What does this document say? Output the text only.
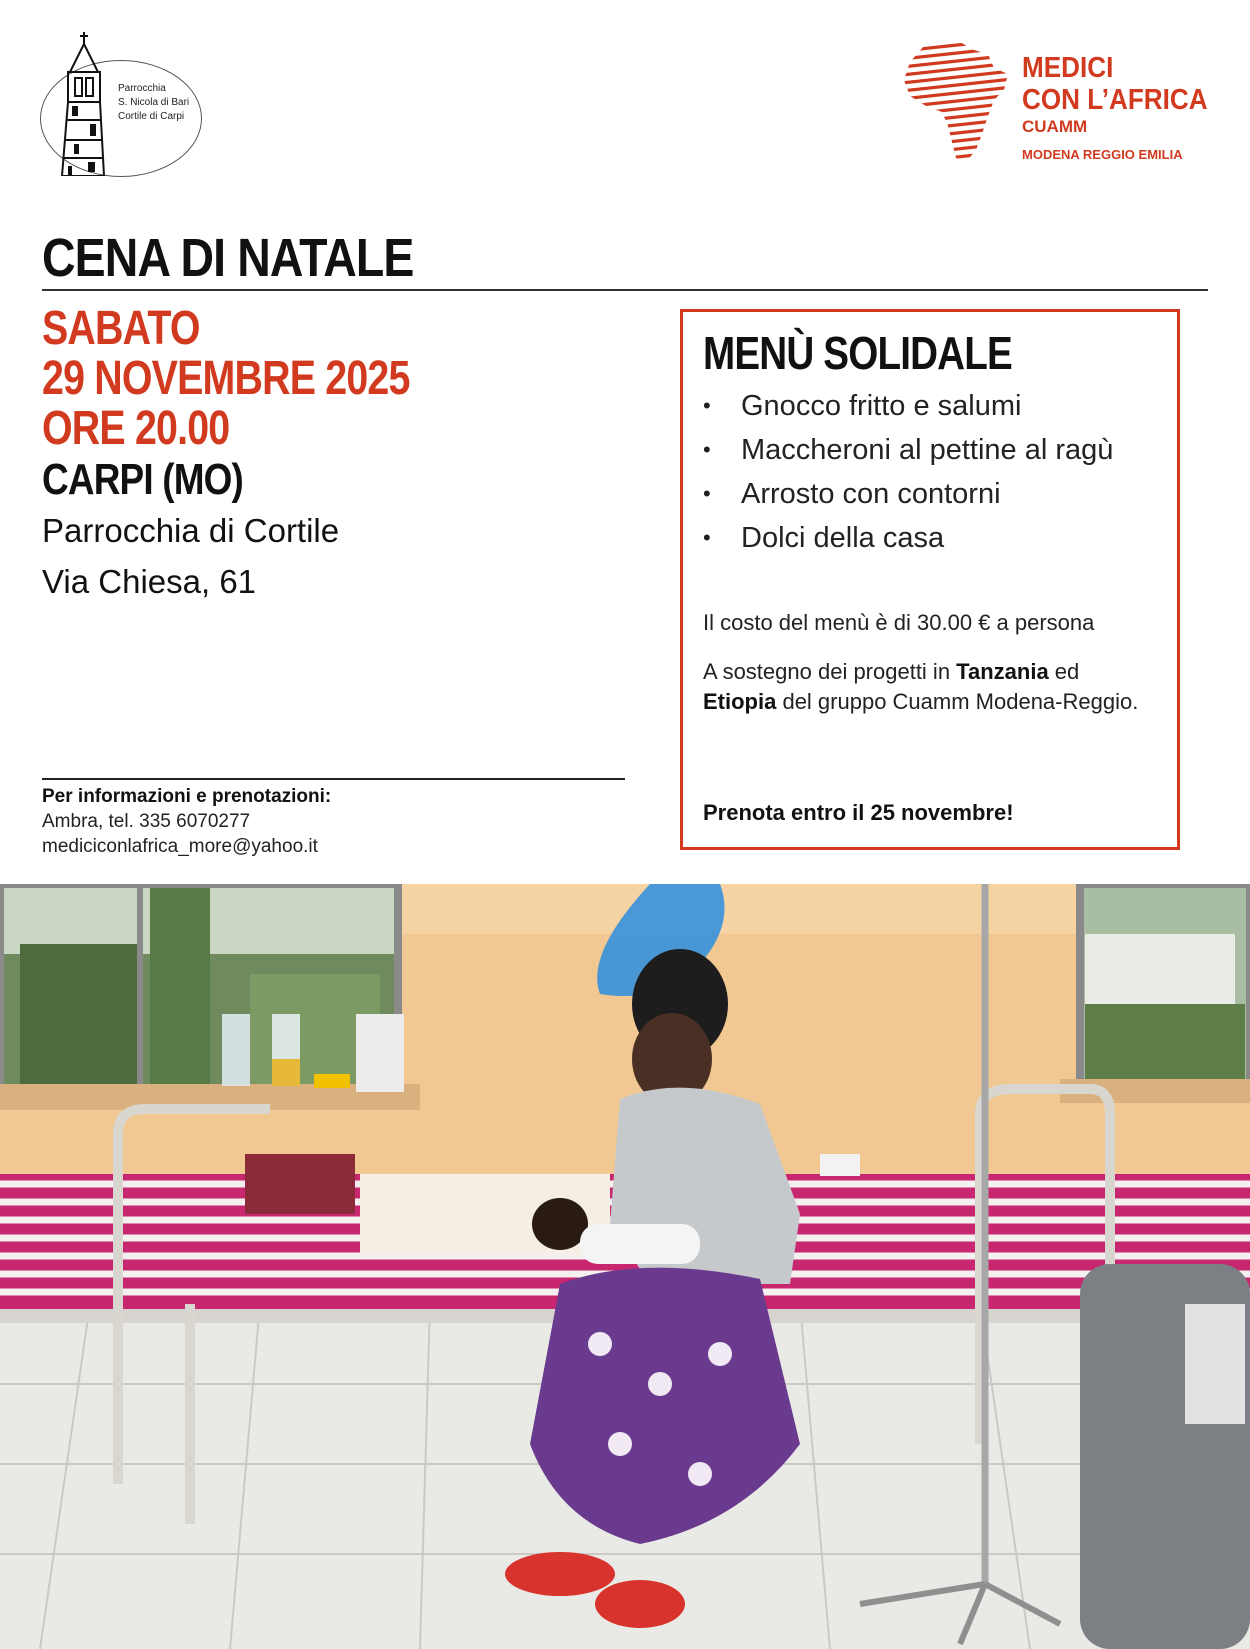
Parrocchia
S. Nicola di Bari
Cortile di Carpi
MEDICI
CON L’AFRICA
CUAMM
MODENA REGGIO EMILIA
CENA DI NATALE
SABATO
29 NOVEMBRE 2025
ORE 20.00
CARPI (MO)
Parrocchia di Cortile
Via Chiesa, 61
Per informazioni e prenotazioni:
Ambra, tel. 335 6070277
mediciconlafrica_more@yahoo.it
MENÙ SOLIDALE
• Gnocco fritto e salumi
• Maccheroni al pettine al ragù
• Arrosto con contorni
• Dolci della casa
Il costo del menù è di 30.00 € a persona
A sostegno dei progetti in Tanzania ed Etiopia del gruppo Cuamm Modena-Reggio.
Prenota entro il 25 novembre!
